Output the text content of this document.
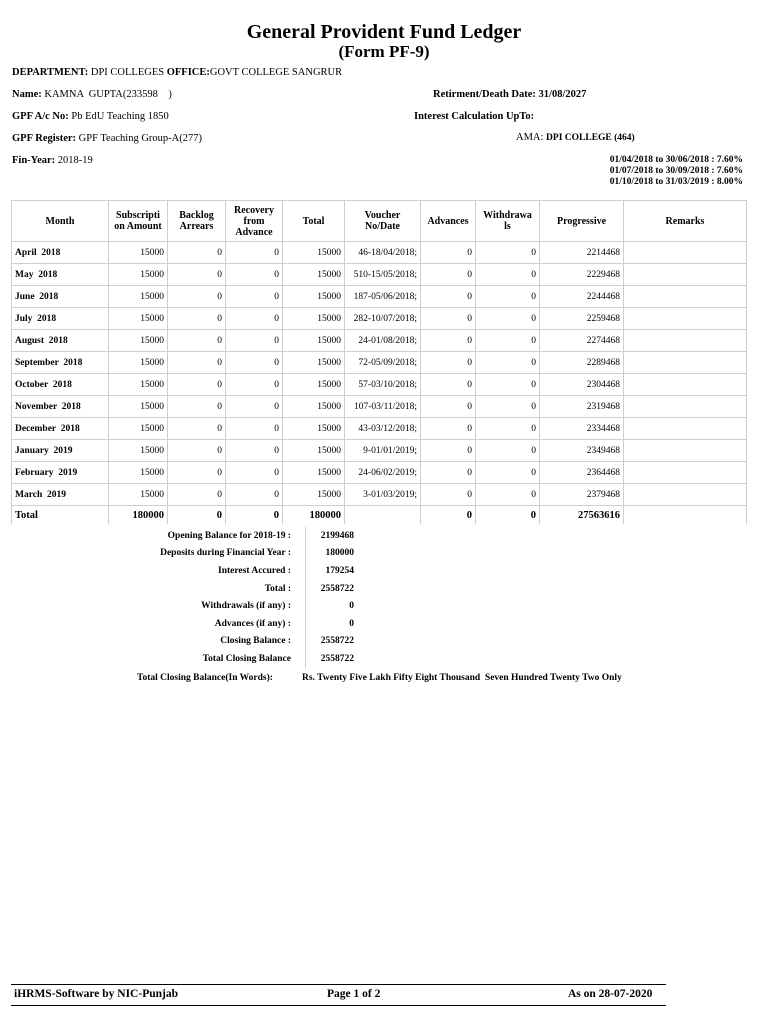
General Provident Fund Ledger
(Form PF-9)
DEPARTMENT: DPI COLLEGES OFFICE:GOVT COLLEGE SANGRUR
Name: KAMNA  GUPTA(233598    )	Retirment/Death Date: 31/08/2027
GPF A/c No: Pb EdU Teaching 1850	Interest Calculation UpTo:
GPF Register: GPF Teaching Group-A(277)	AMA: DPI COLLEGE (464)
Fin-Year: 2018-19	01/04/2018 to 30/06/2018 : 7.60%
01/07/2018 to 30/09/2018 : 7.60%
01/10/2018 to 31/03/2019 : 8.00%
Month	Subscripti on Amount	Backlog Arrears	Recovery from Advance	Total	Voucher No/Date	Advances	Withdrawa ls	Progressive	Remarks
April  2018	15000	0	0	15000	46-18/04/2018;	0	0	2214468	
May  2018	15000	0	0	15000	510-15/05/2018;	0	0	2229468	
June  2018	15000	0	0	15000	187-05/06/2018;	0	0	2244468	
July  2018	15000	0	0	15000	282-10/07/2018;	0	0	2259468	
August  2018	15000	0	0	15000	24-01/08/2018;	0	0	2274468	
September  2018	15000	0	0	15000	72-05/09/2018;	0	0	2289468	
October  2018	15000	0	0	15000	57-03/10/2018;	0	0	2304468	
November  2018	15000	0	0	15000	107-03/11/2018;	0	0	2319468	
December  2018	15000	0	0	15000	43-03/12/2018;	0	0	2334468	
January  2019	15000	0	0	15000	9-01/01/2019;	0	0	2349468	
February  2019	15000	0	0	15000	24-06/02/2019;	0	0	2364468	
March  2019	15000	0	0	15000	3-01/03/2019;	0	0	2379468	
Total	180000	0	0	180000		0	0	27563616	
Opening Balance for 2018-19 :		2199468
Deposits during Financial Year :		180000
Interest Accured :		179254
Total :		2558722
Withdrawals (if any) :		0
Advances (if any) :		0
Closing Balance :		2558722
Total Closing Balance		2558722
Total Closing Balance(In Words):	Rs. Twenty Five Lakh Fifty Eight Thousand  Seven Hundred Twenty Two Only
iHRMS-Software by NIC-Punjab	Page 1 of 2	As on 28-07-2020
